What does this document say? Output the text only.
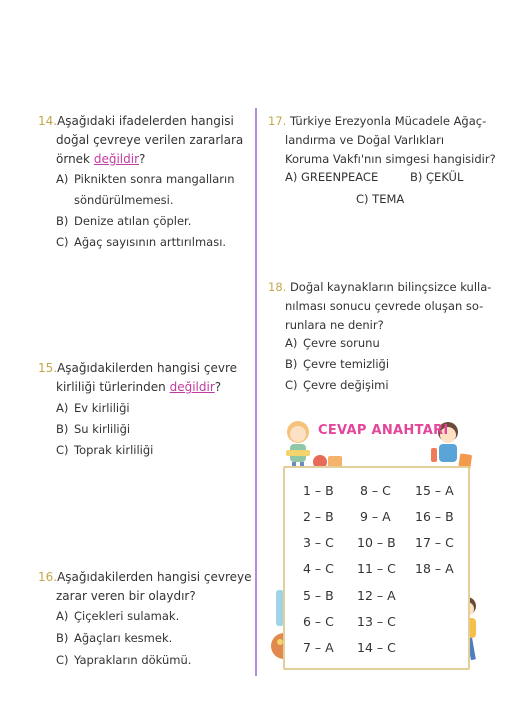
14.Aşağıdaki ifadelerden hangisi
doğal çevreye verilen zararlara
örnek değildir?
A) Piknikten sonra mangalların
söndürülmemesi.
B) Denize atılan çöpler.
C) Ağaç sayısının arttırılması.
15.Aşağıdakilerden hangisi çevre
kirliliği türlerinden değildir?
A) Ev kirliliği
B) Su kirliliği
C) Toprak kirliliği
16.Aşağıdakilerden hangisi çevreye
zarar veren bir olaydır?
A) Çiçekleri sulamak.
B) Ağaçları kesmek.
C) Yaprakların dökümü.
17. Türkiye Erezyonla Mücadele Ağaç-
landırma ve Doğal Varlıkları
Koruma Vakfı'nın simgesi hangisidir?
A) GREENPEACE	B) ÇEKÜL
C) TEMA
18. Doğal kaynakların bilinçsizce kulla-
nılması sonucu çevrede oluşan so-
runlara ne denir?
A) Çevre sorunu
B) Çevre temizliği
C) Çevre değişimi
CEVAP ANAHTARI
1 – B
2 – B
3 – C
4 – C
5 – B
6 – C
7 – A
8 – C
9 – A
10 – B
11 – C
12 – A
13 – C
14 – C
15 – A
16 – B
17 – C
18 – A
